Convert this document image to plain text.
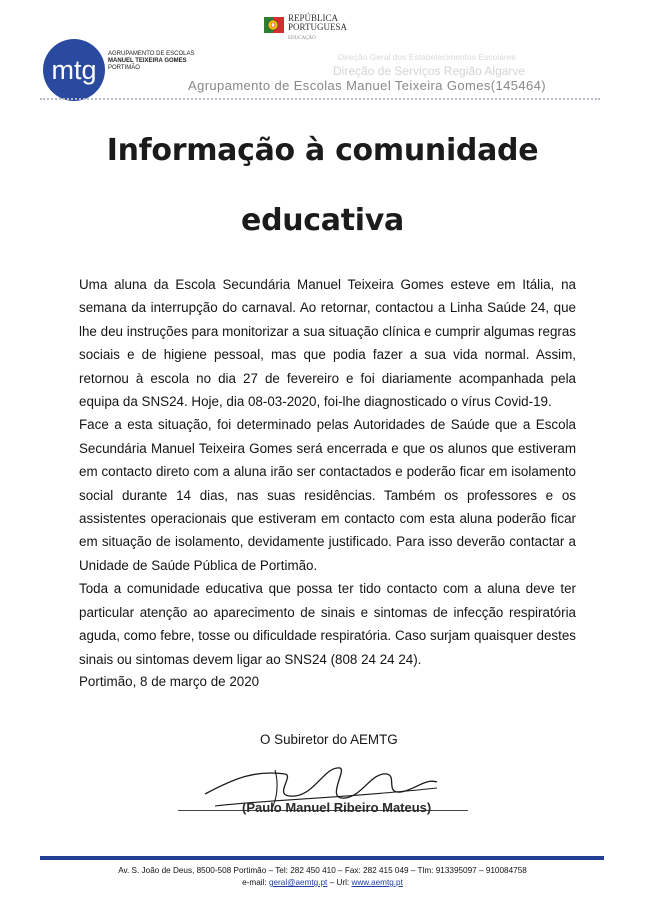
REPÚBLICA
PORTUGUESA
EDUCAÇÃO
mtg
AGRUPAMENTO DE ESCOLAS
MANUEL TEIXEIRA GOMES
PORTIMÃO
Direção Geral dos Estabelecimentos Escolares
Direção de Serviços Região Algarve
Agrupamento de Escolas Manuel Teixeira Gomes(145464)
Informação à comunidade
educativa

Uma aluna da Escola Secundária Manuel Teixeira Gomes esteve em Itália, na semana da interrupção do carnaval. Ao retornar, contactou a Linha Saúde 24, que lhe deu instruções para monitorizar a sua situação clínica e cumprir algumas regras sociais e de higiene pessoal, mas que podia fazer a sua vida normal. Assim, retornou à escola no dia 27 de fevereiro e foi diariamente acompanhada pela equipa da SNS24. Hoje, dia 08-03-2020, foi-lhe diagnosticado o vírus Covid-19.

Face a esta situação, foi determinado pelas Autoridades de Saúde que a Escola Secundária Manuel Teixeira Gomes será encerrada e que os alunos que estiveram em contacto direto com a aluna irão ser contactados e poderão ficar em isolamento social durante 14 dias, nas suas residências. Também os professores e os assistentes operacionais que estiveram em contacto com esta aluna poderão ficar em situação de isolamento, devidamente justificado. Para isso deverão contactar a Unidade de Saúde Pública de Portimão.

Toda a comunidade educativa que possa ter tido contacto com a aluna deve ter particular atenção ao aparecimento de sinais e sintomas de infecção respiratória aguda, como febre, tosse ou dificuldade respiratória. Caso surjam quaisquer destes sinais ou sintomas devem ligar ao SNS24 (808 24 24 24).

Portimão, 8 de março de 2020
O Subiretor do AEMTG
(Paulo Manuel Ribeiro Mateus)
Av. S. João de Deus, 8500-508 Portimão – Tel: 282 450 410 – Fax: 282 415 049 – Tlm: 913395097 – 910084758
e-mail: geral@aemtg.pt – Url: www.aemtg.pt
